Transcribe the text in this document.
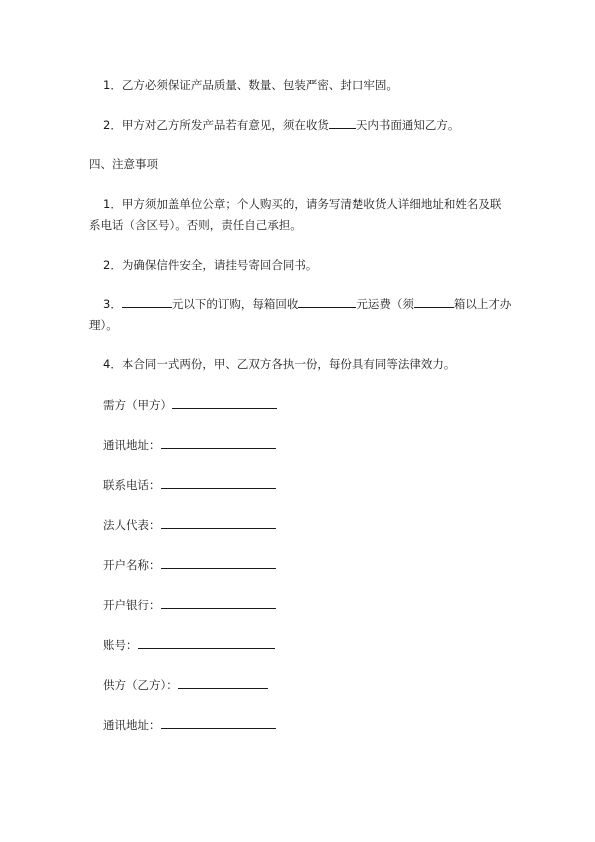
1．乙方必须保证产品质量、数量、包装严密、封口牢固。
2．甲方对乙方所发产品若有意见，须在收货 天内书面通知乙方。
四、注意事项
1．甲方须加盖单位公章；个人购买的，请务写清楚收货人详细地址和姓名及联
系电话（含区号）。否则，责任自己承担。
2．为确保信件安全，请挂号寄回合同书。
3．	元以下的订购，每箱回收	元运费（须	箱以上才办
理）。
4．本合同一式两份，甲、乙双方各执一份，每份具有同等法律效力。
需方（甲方）
通讯地址：
联系电话：
法人代表：
开户名称：
开户银行：
账号：
供方（乙方）：
通讯地址：
